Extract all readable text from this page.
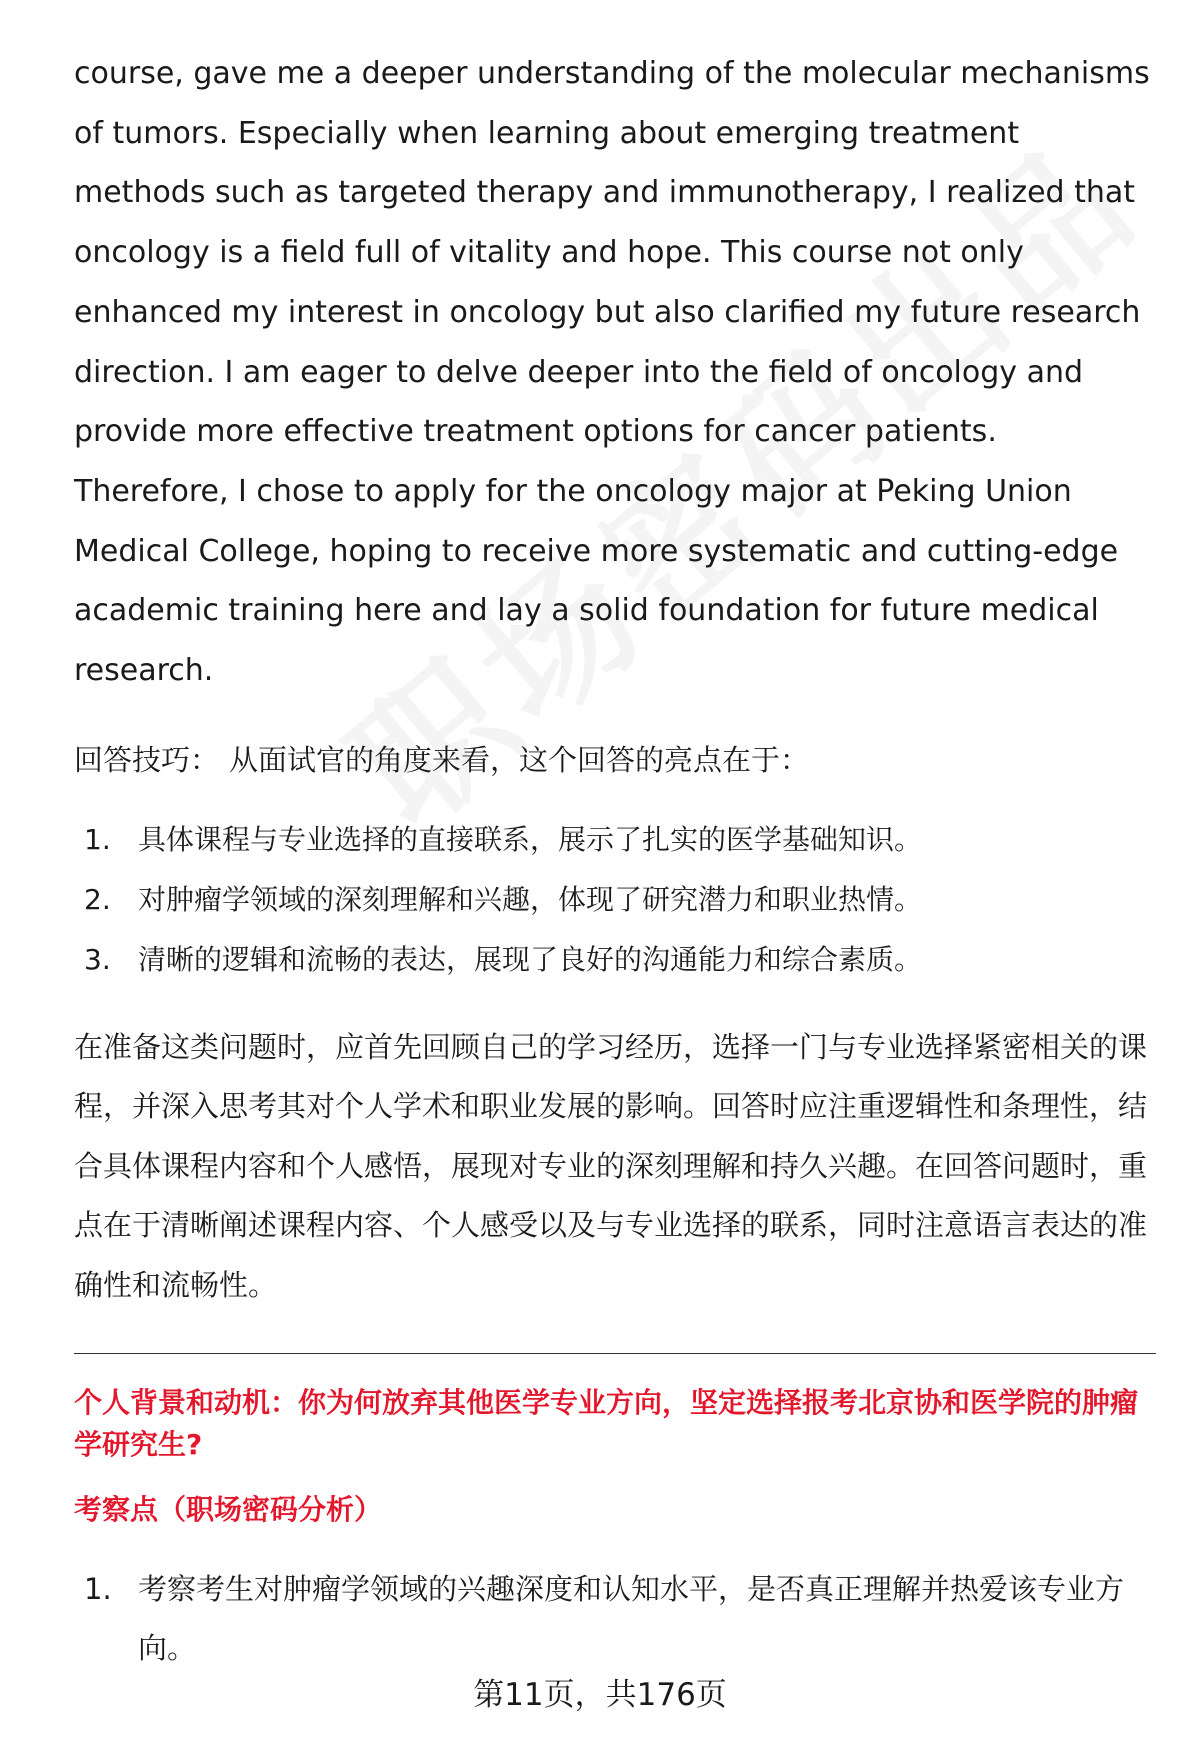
course, gave me a deeper understanding of the molecular mechanisms of tumors. Especially when learning about emerging treatment methods such as targeted therapy and immunotherapy, I realized that oncology is a field full of vitality and hope. This course not only enhanced my interest in oncology but also clarified my future research direction. I am eager to delve deeper into the field of oncology and provide more effective treatment options for cancer patients. Therefore, I chose to apply for the oncology major at Peking Union Medical College, hoping to receive more systematic and cutting-edge academic training here and lay a solid foundation for future medical research.

回答技巧： 从面试官的角度来看，这个回答的亮点在于：

1. 具体课程与专业选择的直接联系，展示了扎实的医学基础知识。
2. 对肿瘤学领域的深刻理解和兴趣，体现了研究潜力和职业热情。
3. 清晰的逻辑和流畅的表达，展现了良好的沟通能力和综合素质。

在准备这类问题时，应首先回顾自己的学习经历，选择一门与专业选择紧密相关的课程，并深入思考其对个人学术和职业发展的影响。回答时应注重逻辑性和条理性，结合具体课程内容和个人感悟，展现对专业的深刻理解和持久兴趣。在回答问题时，重点在于清晰阐述课程内容、个人感受以及与专业选择的联系，同时注意语言表达的准确性和流畅性。

个人背景和动机：你为何放弃其他医学专业方向，坚定选择报考北京协和医学院的肿瘤学研究生?

考察点（职场密码分析）

1. 考察考生对肿瘤学领域的兴趣深度和认知水平，是否真正理解并热爱该专业方向。
第11页，共176页
